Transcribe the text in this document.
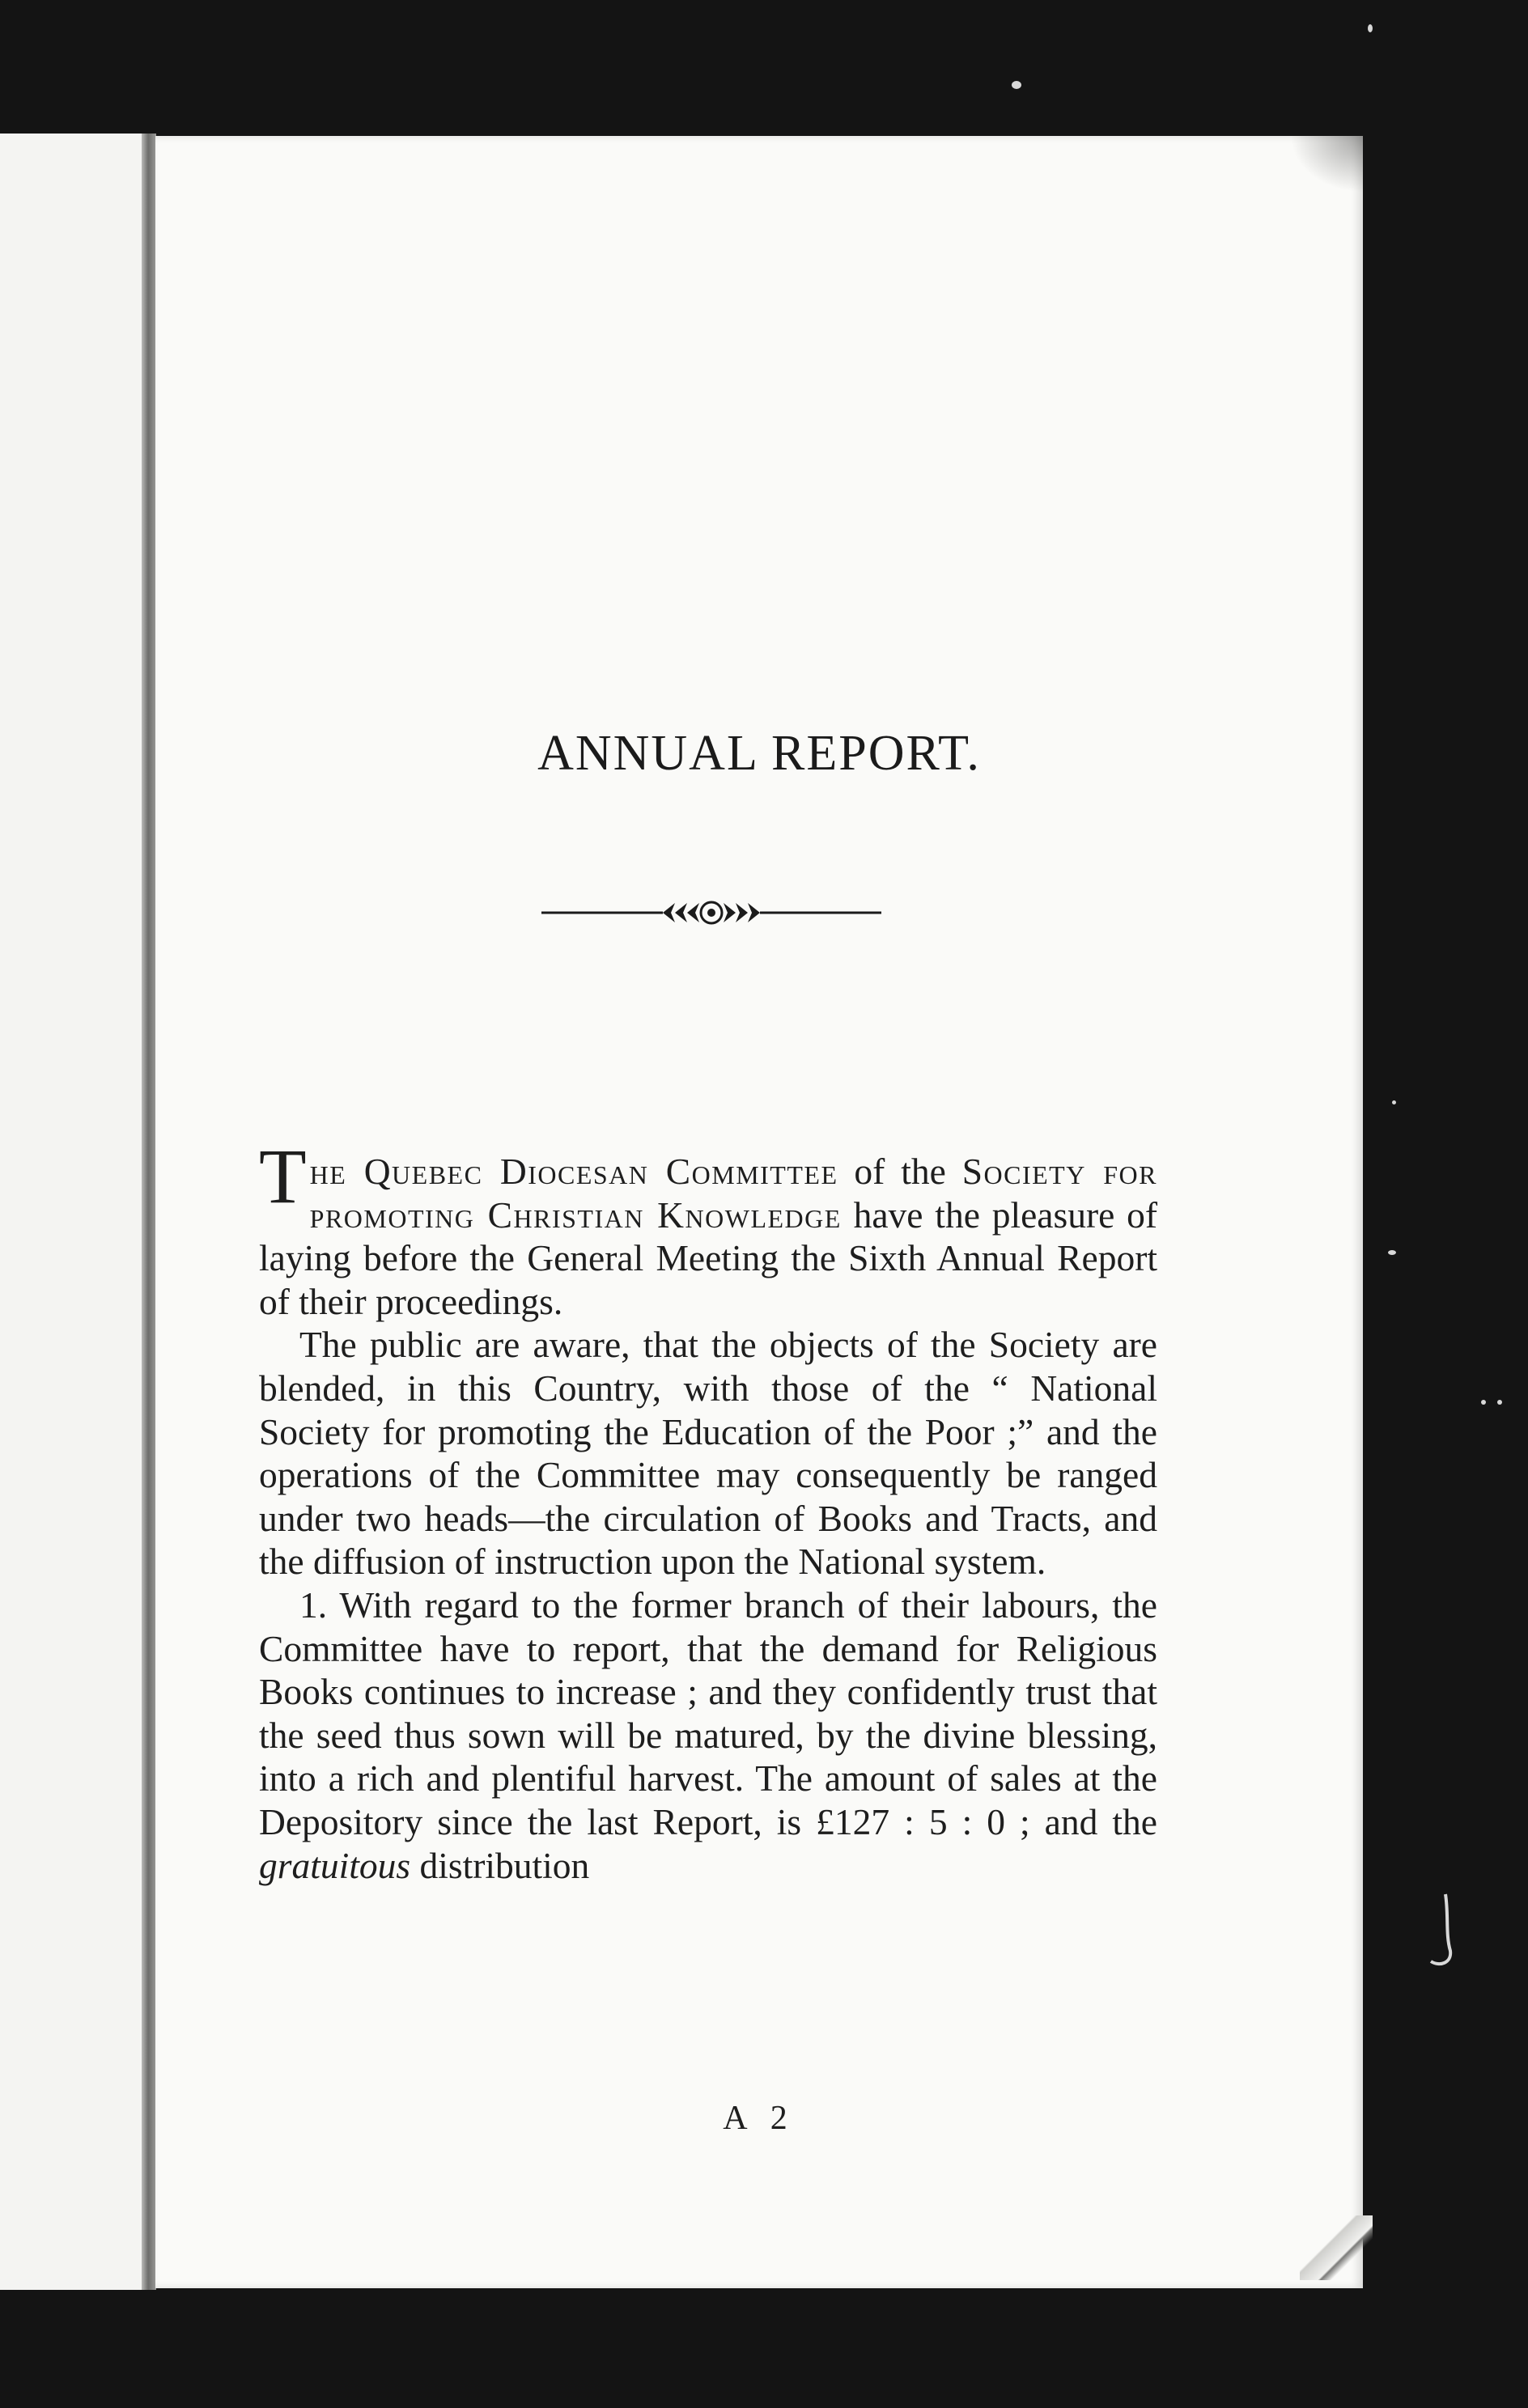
ANNUAL REPORT.

The Quebec Diocesan Committee of the Society for promoting Christian Knowledge have the pleasure of laying before the General Meeting the Sixth Annual Report of their proceedings.

The public are aware, that the objects of the Society are blended, in this Country, with those of the “ National Society for promoting the Education of the Poor ;” and the operations of the Committee may consequently be ranged under two heads—the circulation of Books and Tracts, and the diffusion of instruction upon the National system.

1. With regard to the former branch of their labours, the Committee have to report, that the demand for Religious Books continues to increase ; and they confidently trust that the seed thus sown will be matured, by the divine blessing, into a rich and plentiful harvest. The amount of sales at the Depository since the last Report, is £127 : 5 : 0 ; and the gratuitous distribution

A 2
